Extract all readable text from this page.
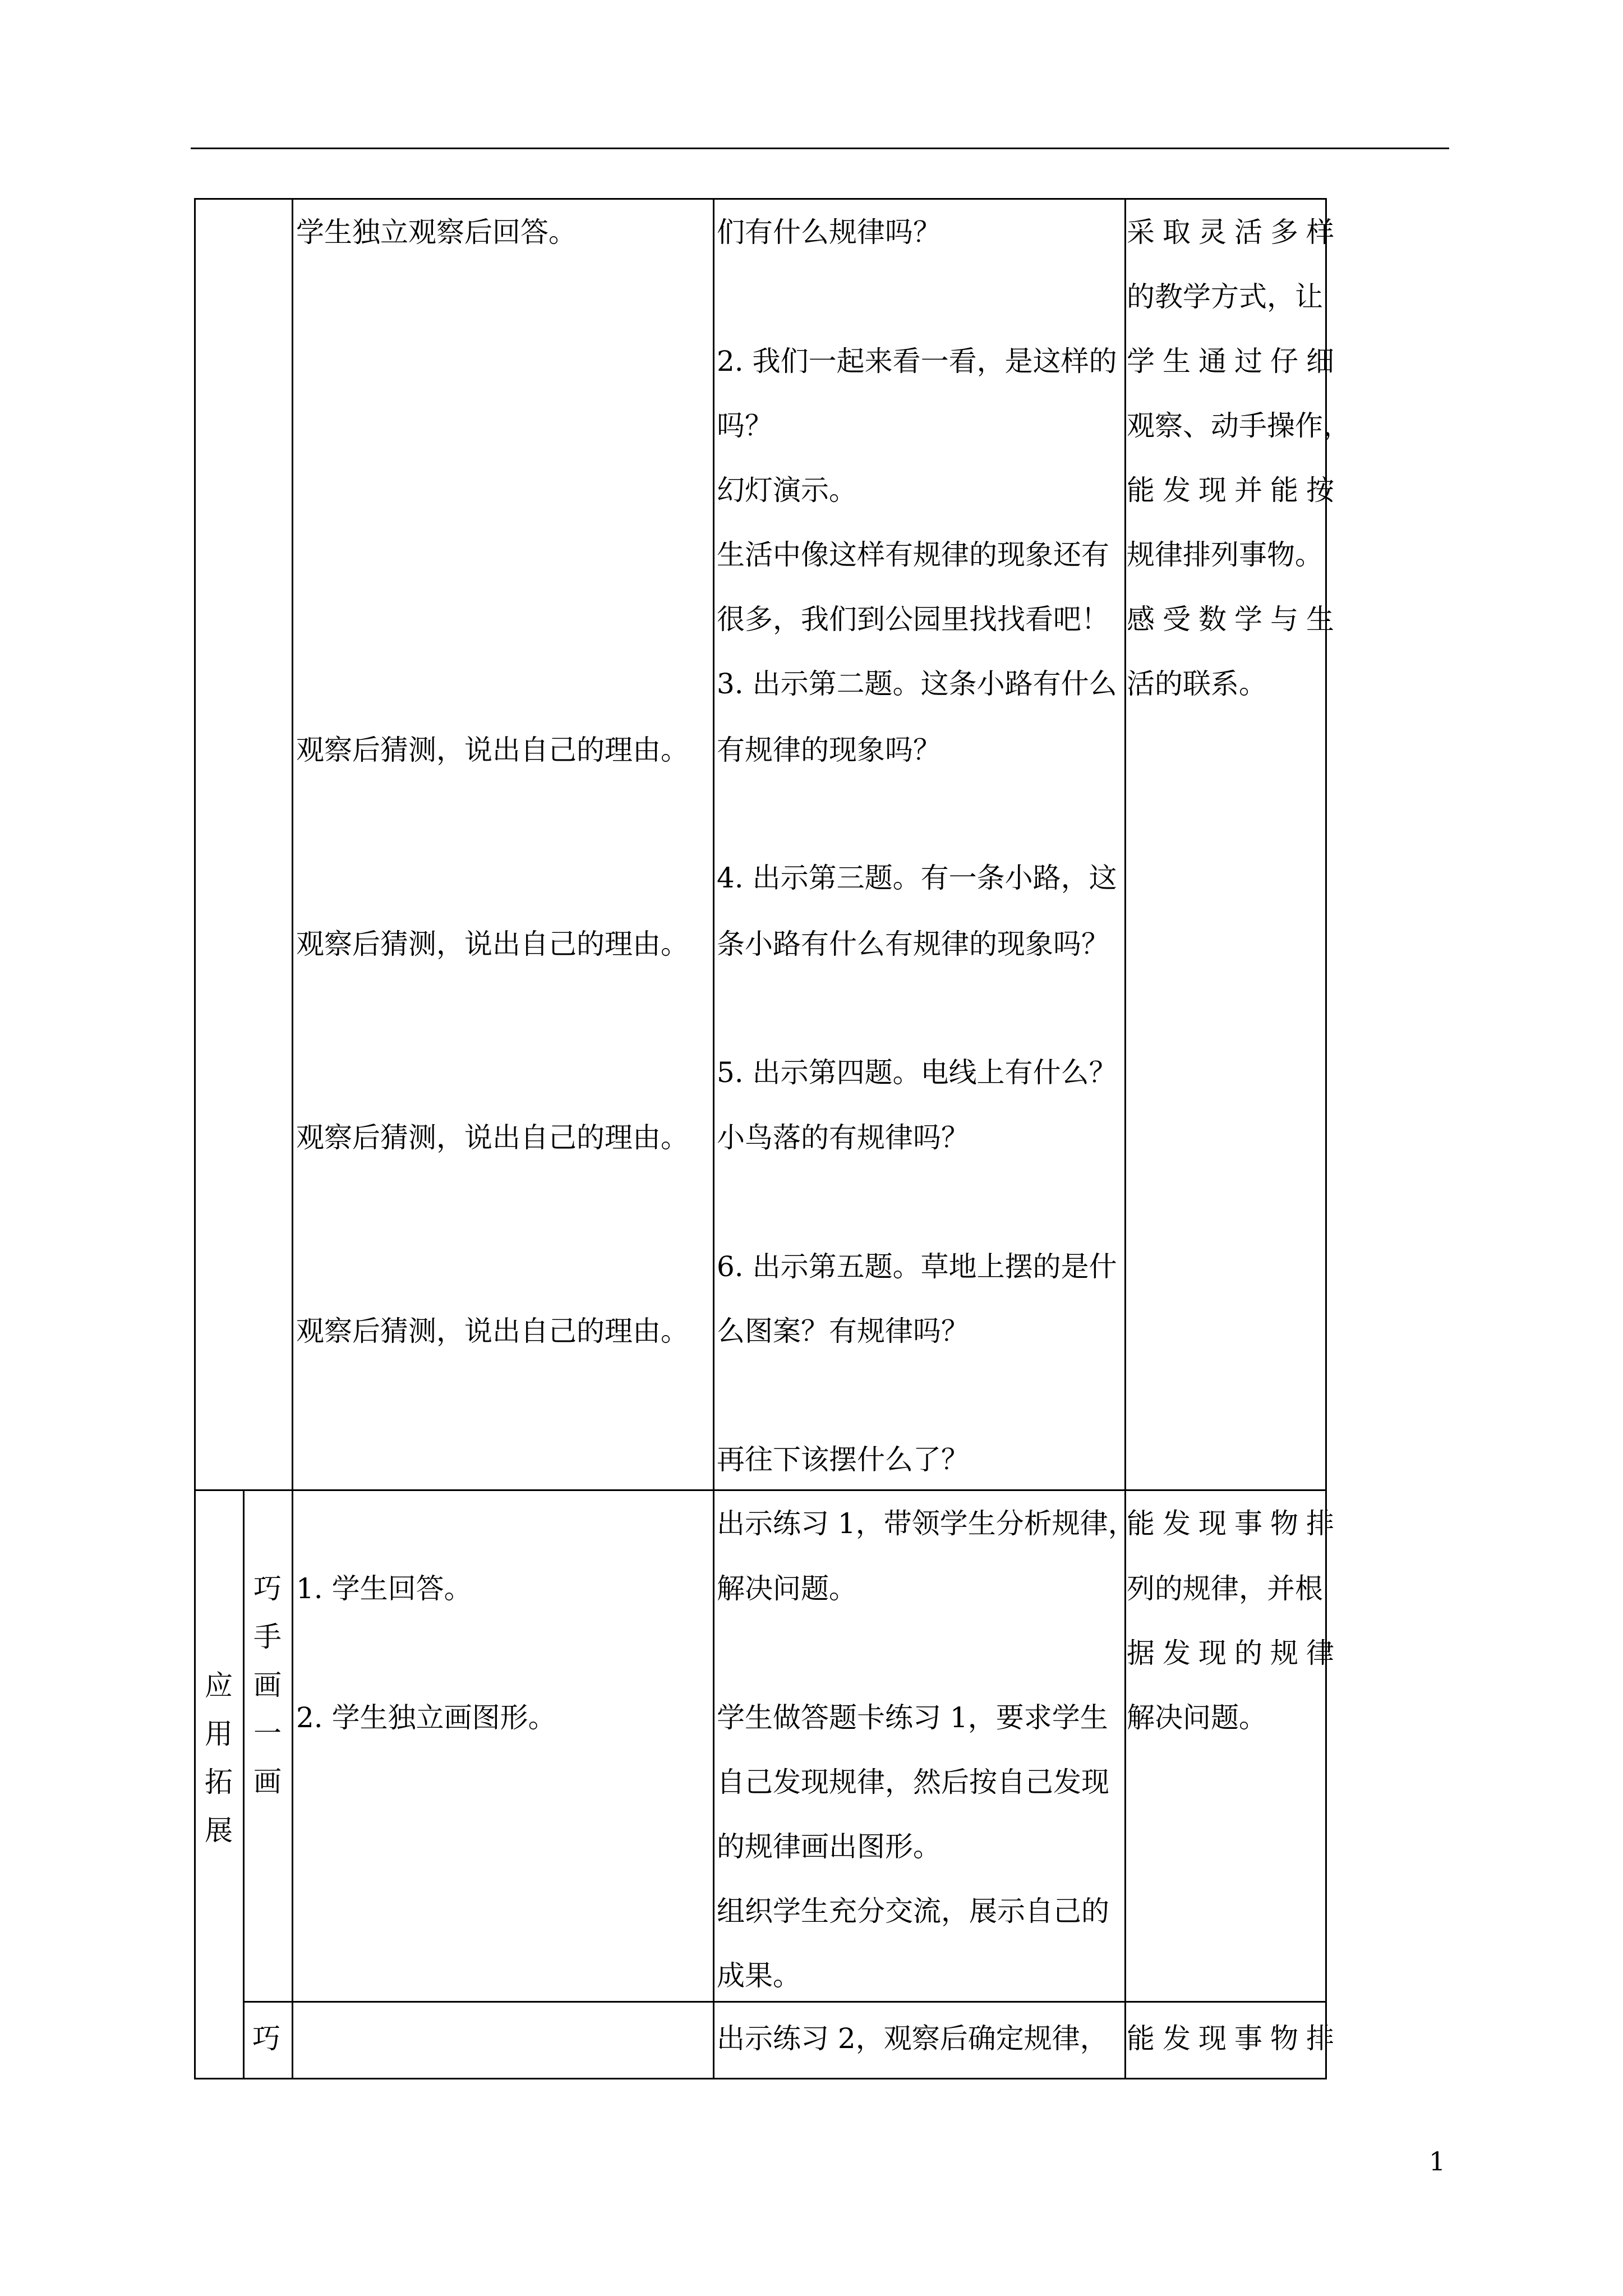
学生独立观察后回答。
观察后猜测，说出自己的理由。
观察后猜测，说出自己的理由。
观察后猜测，说出自己的理由。
观察后猜测，说出自己的理由。
们有什么规律吗？
2. 我们一起来看一看，是这样的
吗？
幻灯演示。
生活中像这样有规律的现象还有
很多，我们到公园里找找看吧！
3. 出示第二题。这条小路有什么
有规律的现象吗？
4. 出示第三题。有一条小路，这
条小路有什么有规律的现象吗？
5. 出示第四题。电线上有什么？
小鸟落的有规律吗？
6. 出示第五题。草地上摆的是什
么图案？有规律吗？
再往下该摆什么了？
采取灵活多样
的教学方式，让
学生通过仔细
观察、动手操作，
能发现并能按
规律排列事物。
感受数学与生
活的联系。
应
用
拓
展
巧
手
画
一
画
1. 学生回答。
2. 学生独立画图形。
出示练习 1，带领学生分析规律，
解决问题。
学生做答题卡练习 1，要求学生
自己发现规律，然后按自己发现
的规律画出图形。
组织学生充分交流，展示自己的
成果。
能发现事物排
列的规律，并根
据发现的规律
解决问题。
巧	出示练习 2，观察后确定规律， 能发现事物排
1
